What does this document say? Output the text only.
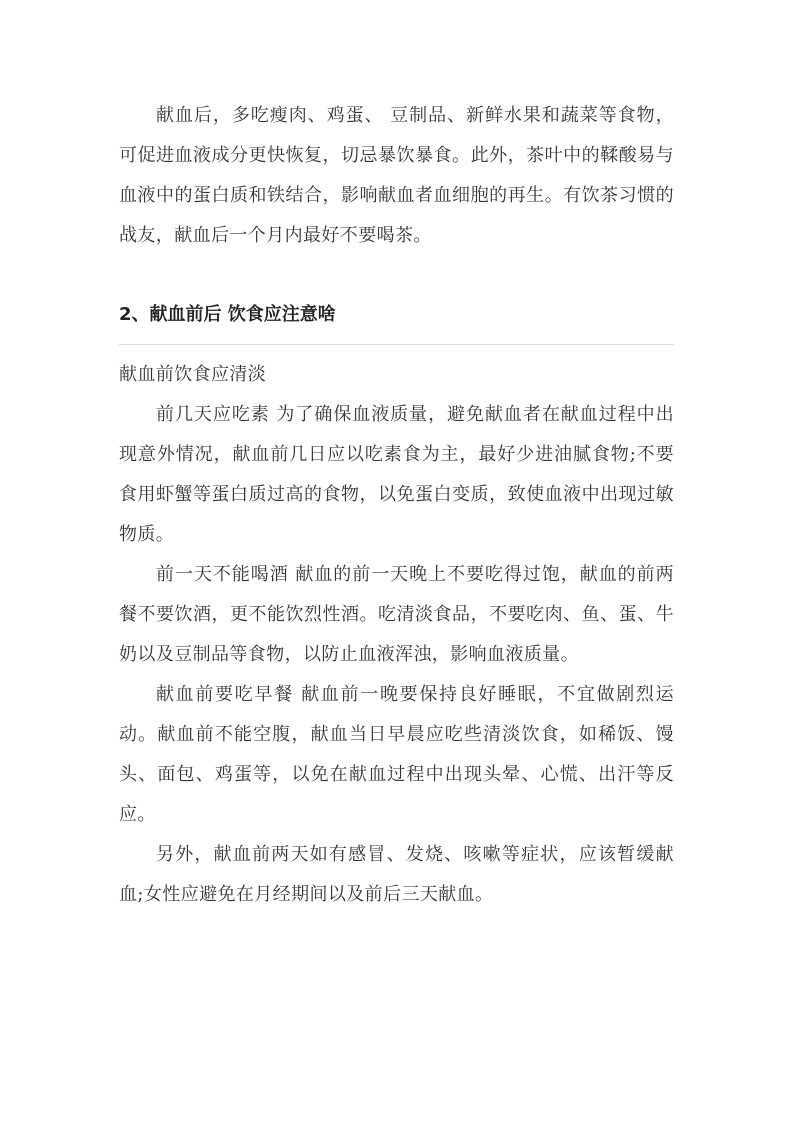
献血后，多吃瘦肉、鸡蛋、 豆制品、新鲜水果和蔬菜等食物，可促进血液成分更快恢复，切忌暴饮暴食。此外，茶叶中的鞣酸易与血液中的蛋白质和铁结合，影响献血者血细胞的再生。有饮茶习惯的战友，献血后一个月内最好不要喝茶。

2、献血前后 饮食应注意啥

献血前饮食应清淡

前几天应吃素 为了确保血液质量，避免献血者在献血过程中出现意外情况，献血前几日应以吃素食为主，最好少进油腻食物;不要食用虾蟹等蛋白质过高的食物，以免蛋白变质，致使血液中出现过敏物质。

前一天不能喝酒 献血的前一天晚上不要吃得过饱，献血的前两餐不要饮酒，更不能饮烈性酒。吃清淡食品，不要吃肉、鱼、蛋、牛奶以及豆制品等食物，以防止血液浑浊，影响血液质量。

献血前要吃早餐 献血前一晚要保持良好睡眠，不宜做剧烈运动。献血前不能空腹，献血当日早晨应吃些清淡饮食，如稀饭、馒头、面包、鸡蛋等，以免在献血过程中出现头晕、心慌、出汗等反应。

另外，献血前两天如有感冒、发烧、咳嗽等症状，应该暂缓献血;女性应避免在月经期间以及前后三天献血。
